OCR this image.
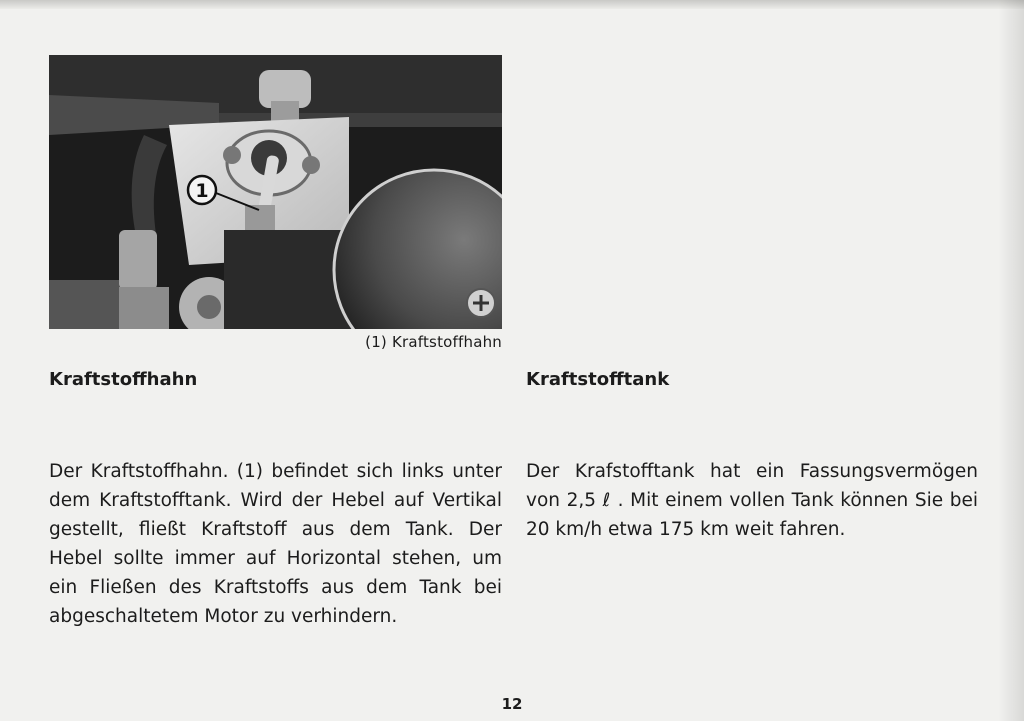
1
(1) Kraftstoffhahn
Kraftstoffhahn	Kraftstofftank
Der Kraftstoffhahn. (1) befindet sich links unter dem Kraftstofftank. Wird der Hebel auf Vertikal gestellt, fließt Kraftstoff aus dem Tank. Der Hebel sollte immer auf Horizontal stehen, um ein Fließen des Kraftstoffs aus dem Tank bei abgeschaltetem Motor zu verhindern.
Der Krafstofftank hat ein Fassungsvermögen von 2,5 ℓ . Mit einem vollen Tank können Sie bei 20 km/h etwa 175 km weit fahren.
12
